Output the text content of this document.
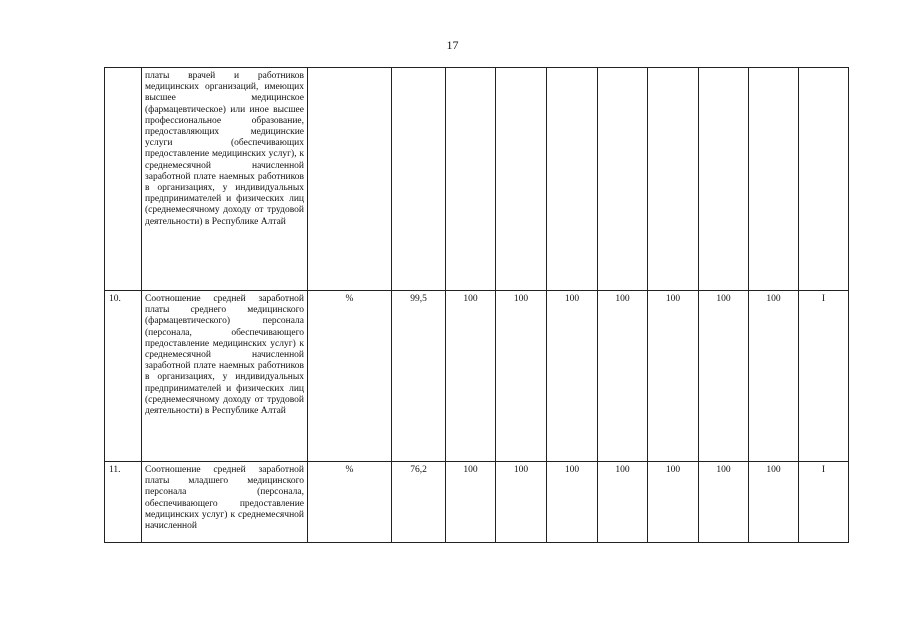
17
	платы врачей и работников медицинских организаций, имеющих высшее медицинское (фармацевтическое) или иное высшее профессиональное образование, предоставляющих медицинские услуги (обеспечивающих предоставление медицинских услуг), к среднемесячной начисленной заработной плате наемных работников в организациях, у индивидуальных предпринимателей и физических лиц (среднемесячному доходу от трудовой деятельности) в Республике Алтай										
10.	Соотношение средней заработной платы среднего медицинского (фармацевтического) персонала (персонала, обеспечивающего предоставление медицинских услуг) к среднемесячной начисленной заработной плате наемных работников в организациях, у индивидуальных предпринимателей и физических лиц (среднемесячному доходу от трудовой деятельности) в Республике Алтай	%	99,5	100	100	100	100	100	100	100	I
11.	Соотношение средней заработной платы младшего медицинского персонала (персонала, обеспечивающего предоставление медицинских услуг) к среднемесячной начисленной	%	76,2	100	100	100	100	100	100	100	I
